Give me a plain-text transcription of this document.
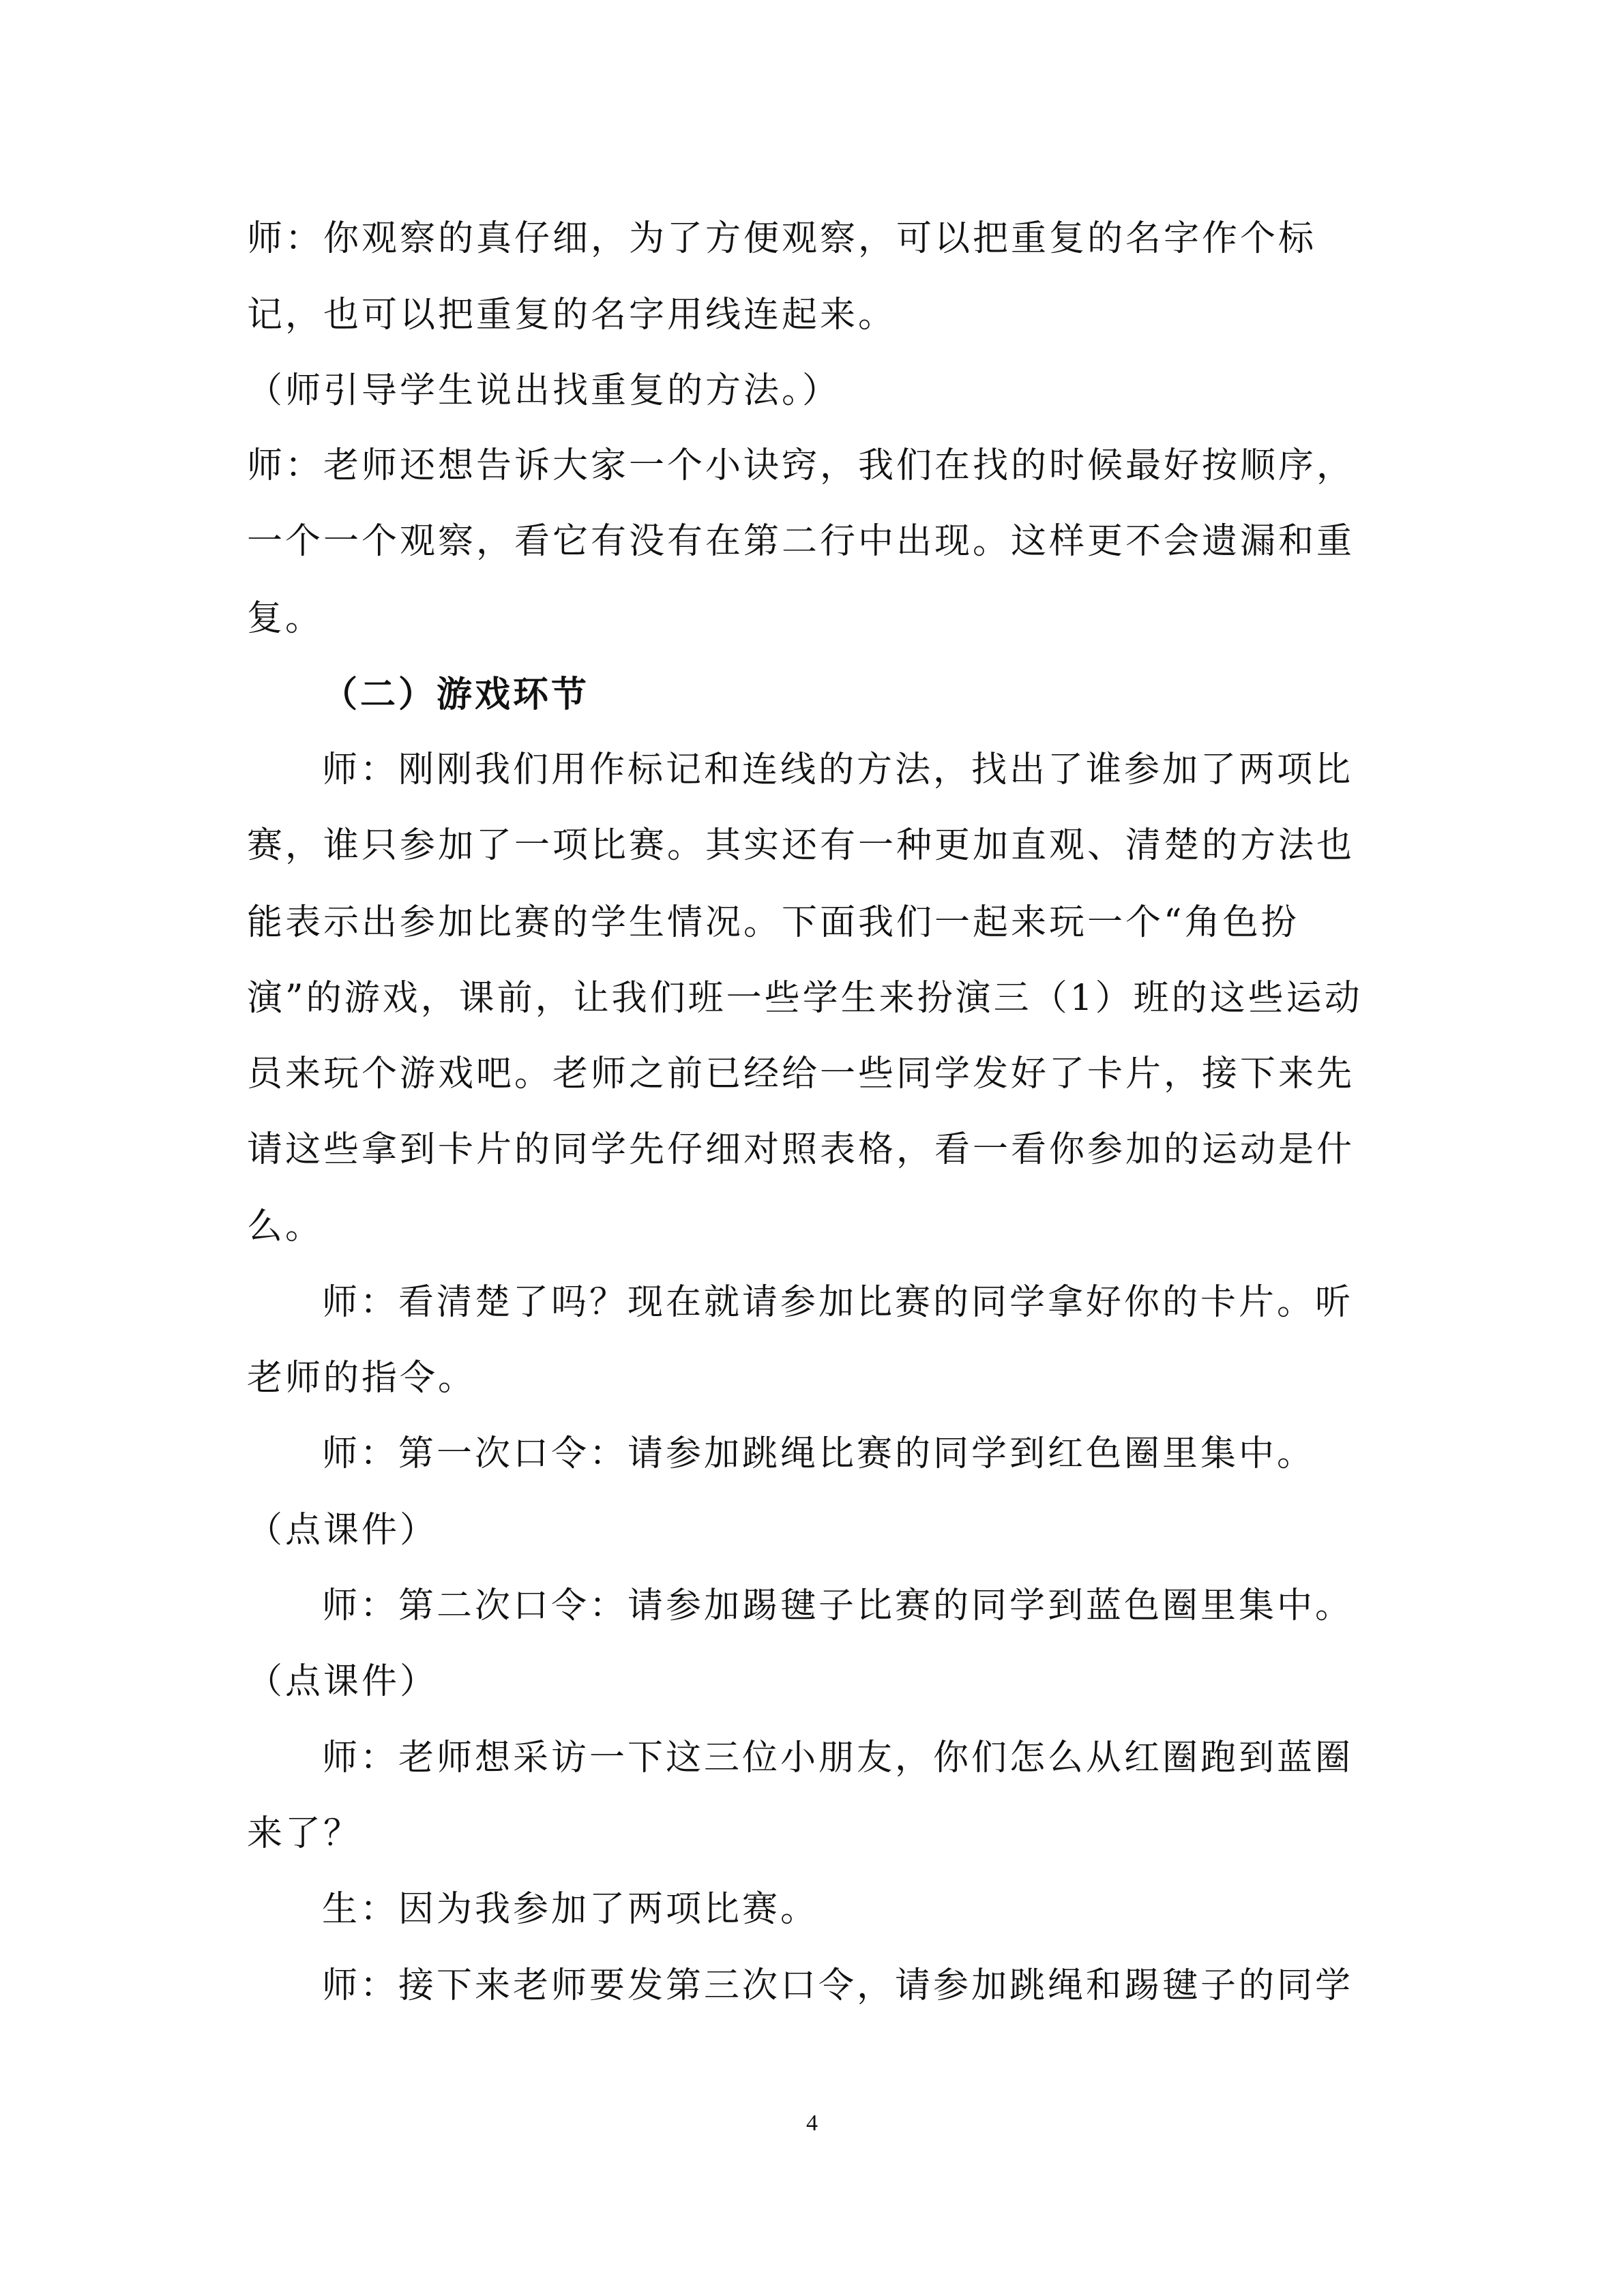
师：你观察的真仔细，为了方便观察，可以把重复的名字作个标
记，也可以把重复的名字用线连起来。
（师引导学生说出找重复的方法。）
师：老师还想告诉大家一个小诀窍，我们在找的时候最好按顺序，
一个一个观察，看它有没有在第二行中出现。这样更不会遗漏和重
复。
（二）游戏环节
师：刚刚我们用作标记和连线的方法，找出了谁参加了两项比
赛，谁只参加了一项比赛。其实还有一种更加直观、清楚的方法也
能表示出参加比赛的学生情况。下面我们一起来玩一个“角色扮
演”的游戏，课前，让我们班一些学生来扮演三（1）班的这些运动
员来玩个游戏吧。老师之前已经给一些同学发好了卡片，接下来先
请这些拿到卡片的同学先仔细对照表格，看一看你参加的运动是什
么。
师：看清楚了吗？现在就请参加比赛的同学拿好你的卡片。听
老师的指令。
师：第一次口令：请参加跳绳比赛的同学到红色圈里集中。
（点课件）
师：第二次口令：请参加踢毽子比赛的同学到蓝色圈里集中。
（点课件）
师：老师想采访一下这三位小朋友，你们怎么从红圈跑到蓝圈
来了？
生：因为我参加了两项比赛。
师：接下来老师要发第三次口令，请参加跳绳和踢毽子的同学
4
